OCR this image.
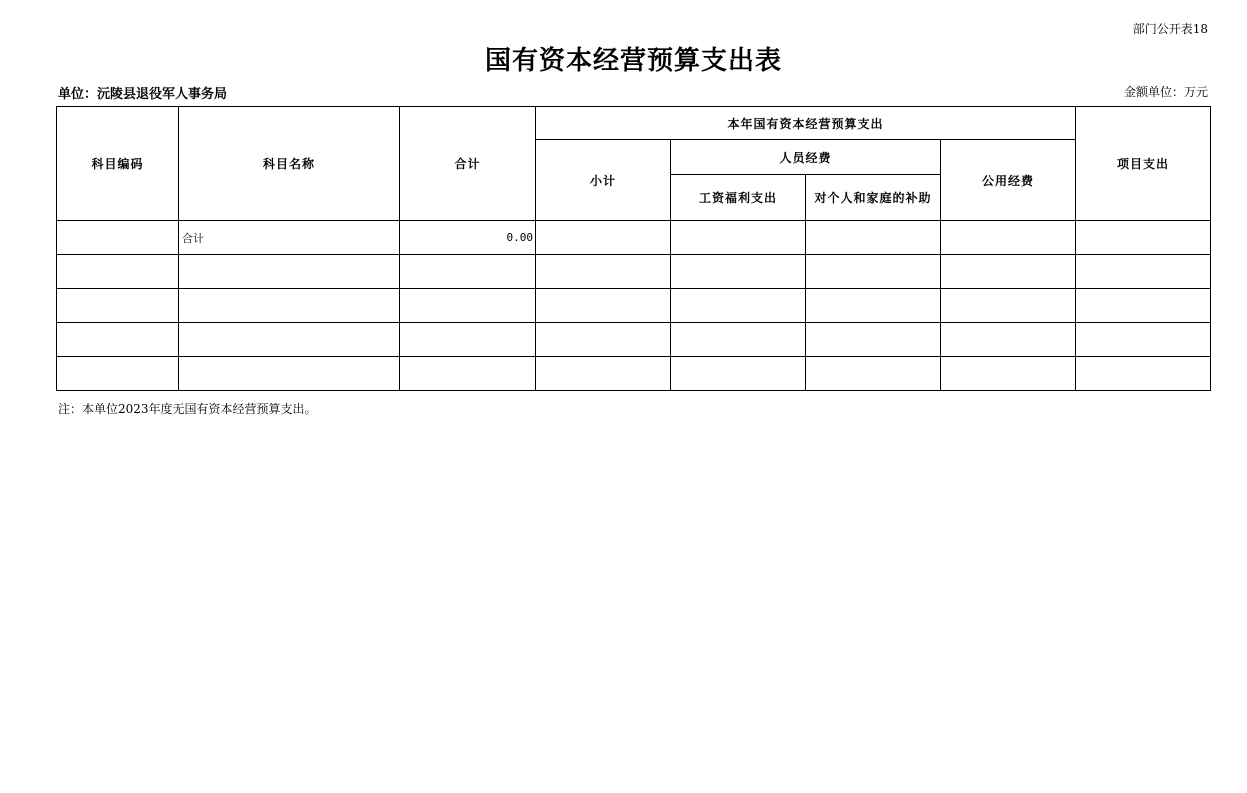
部门公开表18
国有资本经营预算支出表
单位：沅陵县退役军人事务局	金额单位：万元
科目编码	科目名称	合计	本年国有资本经营预算支出				项目支出
			小计	人员经费		公用经费	
				工资福利支出	对个人和家庭的补助		
	合计	0.00					

注：本单位2023年度无国有资本经营预算支出。
